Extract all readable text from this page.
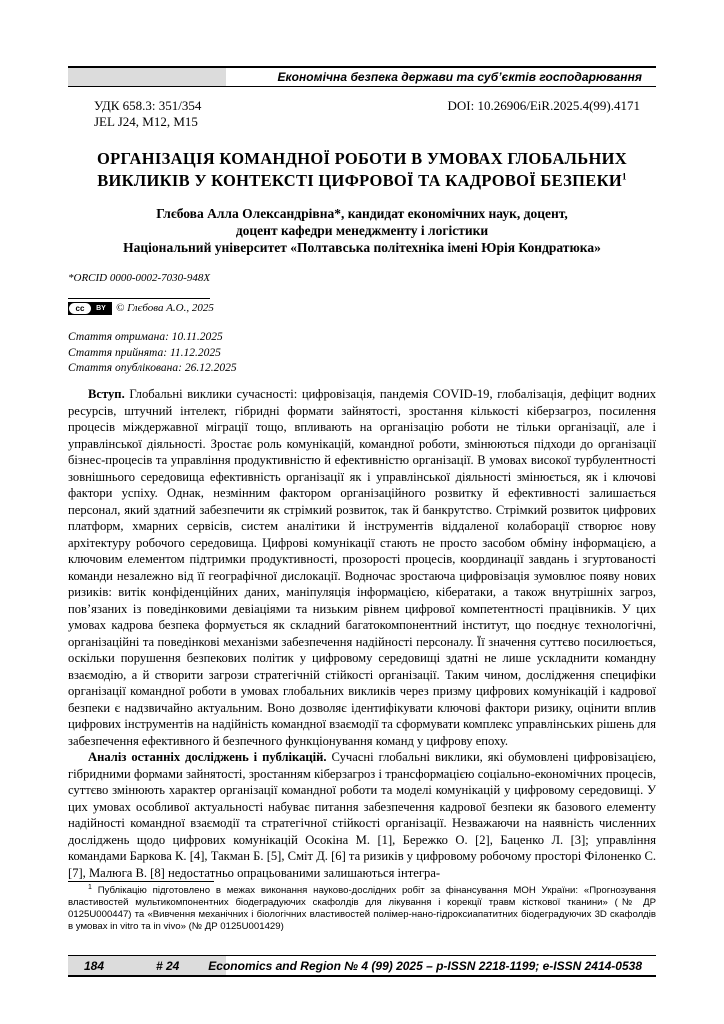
Економічна безпека держави та суб’єктів господарювання
УДК 658.3: 351/354
JEL J24, M12, M15
DOI: 10.26906/EiR.2025.4(99).4171
ОРГАНІЗАЦІЯ КОМАНДНОЇ РОБОТИ В УМОВАХ ГЛОБАЛЬНИХ
ВИКЛИКІВ У КОНТЕКСТІ ЦИФРОВОЇ ТА КАДРОВОЇ БЕЗПЕКИ$^1$
Глєбова Алла Олександрівна*, кандидат економічних наук, доцент,
доцент кафедри менеджменту і логістики
Національний університет «Полтавська політехніка імені Юрія Кондратюка»
*ORCID 0000-0002-7030-948X
cc	BY © Глєбова А.О., 2025
Стаття отримана: 10.11.2025
Стаття прийнята: 11.12.2025
Стаття опублікована: 26.12.2025

Вступ. Глобальні виклики сучасності: цифровізація, пандемія COVID-19, глобалізація, дефіцит водних ресурсів, штучний інтелект, гібридні формати зайнятості, зростання кількості кіберзагроз, посилення процесів міждержавної міграції тощо, впливають на організацію роботи не тільки організації, але і управлінської діяльності. Зростає роль комунікацій, командної роботи, змінюються підходи до організації бізнес-процесів та управління продуктивністю й ефективністю організації. В умовах високої турбулентності зовнішнього середовища ефективність організації як і управлінської діяльності змінюється, як і ключові фактори успіху. Однак, незмінним фактором організаційного розвитку й ефективності залишається персонал, який здатний забезпечити як стрімкий розвиток, так й банкрутство. Стрімкий розвиток цифрових платформ, хмарних сервісів, систем аналітики й інструментів віддаленої колаборації створює нову архітектуру робочого середовища. Цифрові комунікації стають не просто засобом обміну інформацією, а ключовим елементом підтримки продуктивності, прозорості процесів, координації завдань і згуртованості команди незалежно від її географічної дислокації. Водночас зростаюча цифровізація зумовлює появу нових ризиків: витік конфіденційних даних, маніпуляція інформацією, кібератаки, а також внутрішніх загроз, пов’язаних із поведінковими девіаціями та низьким рівнем цифрової компетентності працівників. У цих умовах кадрова безпека формується як складний багатокомпонентний інститут, що поєднує технологічні, організаційні та поведінкові механізми забезпечення надійності персоналу. Її значення суттєво посилюється, оскільки порушення безпекових політик у цифровому середовищі здатні не лише ускладнити командну взаємодію, а й створити загрози стратегічній стійкості організації. Таким чином, дослідження специфіки організації командної роботи в умовах глобальних викликів через призму цифрових комунікацій і кадрової безпеки є надзвичайно актуальним. Воно дозволяє ідентифікувати ключові фактори ризику, оцінити вплив цифрових інструментів на надійність командної взаємодії та сформувати комплекс управлінських рішень для забезпечення ефективного й безпечного функціонування команд у цифрову епоху.

Аналіз останніх досліджень і публікацій. Сучасні глобальні виклики, які обумовлені цифровізацією, гібридними формами зайнятості, зростанням кіберзагроз і трансформацією соціально-економічних процесів, суттєво змінюють характер організації командної роботи та моделі комунікацій у цифровому середовищі. У цих умовах особливої актуальності набуває питання забезпечення кадрової безпеки як базового елементу надійності командної взаємодії та стратегічної стійкості організації. Незважаючи на наявність численних досліджень щодо цифрових комунікацій Осокіна М. [1], Бережко О. [2], Баценко Л. [3]; управління командами Баркова К. [4], Такман Б. [5], Сміт Д. [6] та ризиків у цифровому робочому просторі Філоненко С. [7], Малюга В. [8] недостатньо опрацьованими залишаються інтегра-

$^1$ Публікацію підготовлено в межах виконання науково-дослідних робіт за фінансування МОН України: «Прогнозування властивостей мультикомпонентних біодеградуючих скафолдів для лікування і корекції травм кісткової тканини» (№ ДР 0125U000447) та «Вивчення механічних і біологічних властивостей полімер-нано-гідроксиапатитних біодеградуючих 3D скафолдів в умовах in vitro та in vivo» (№ ДР 0125U001429)
184	# 24 Economics and Region № 4 (99) 2025 – p-ISSN 2218-1199; e-ISSN 2414-0538
